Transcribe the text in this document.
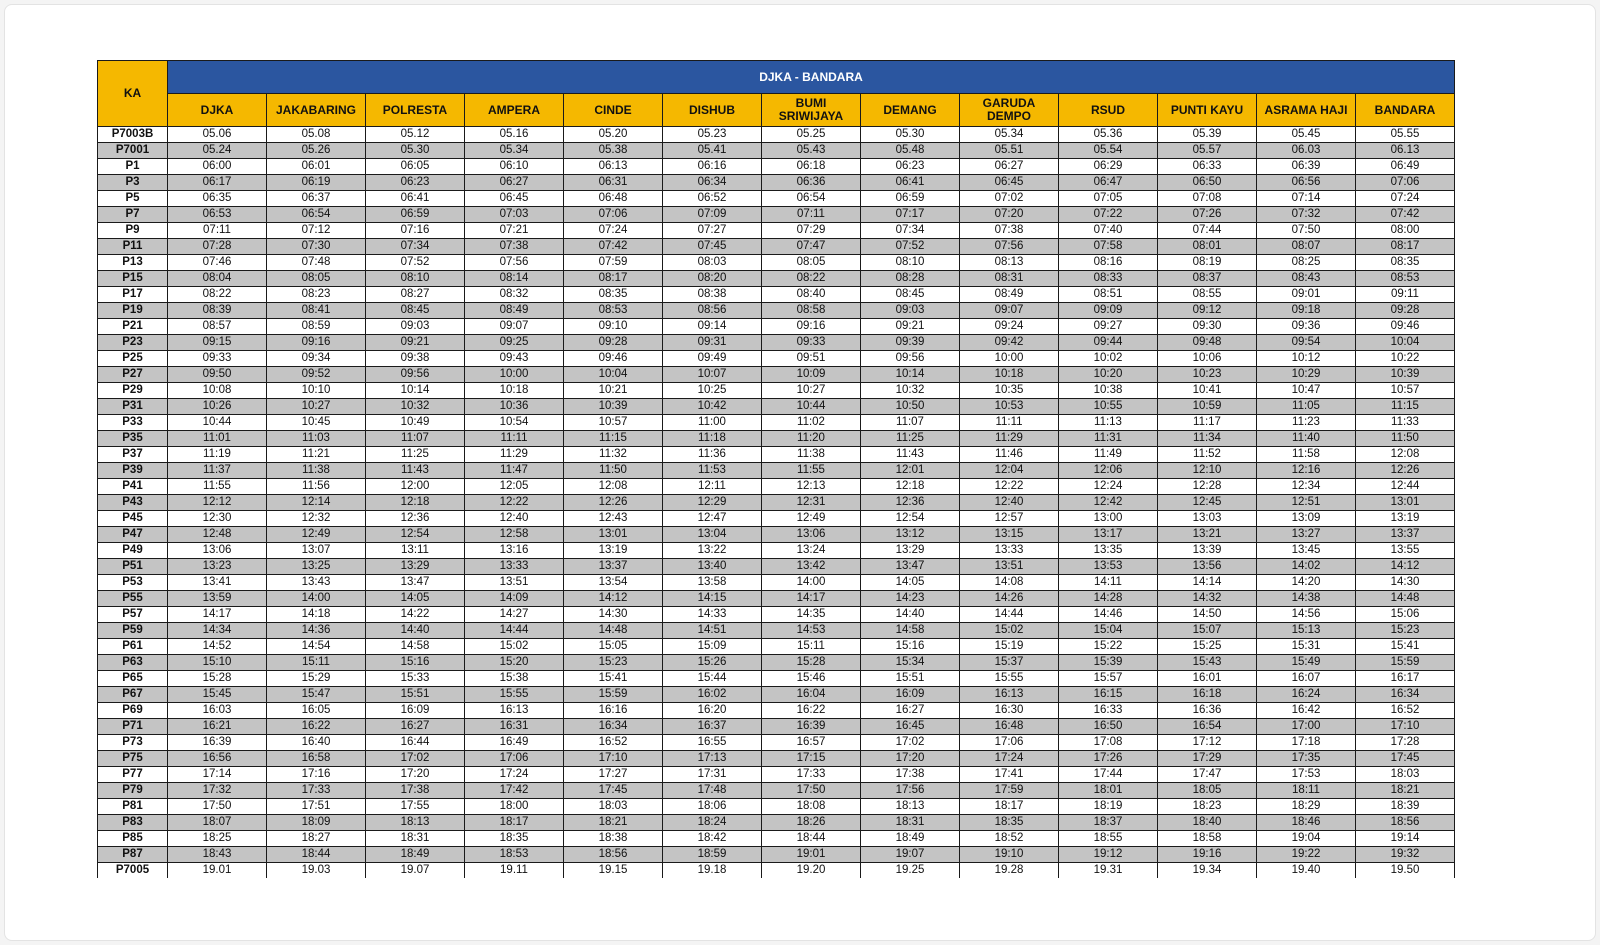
KA	DJKA - BANDARA												
	DJKA	JAKABARING	POLRESTA	AMPERA	CINDE	DISHUB	BUMI SRIWIJAYA	DEMANG	GARUDA DEMPO	RSUD	PUNTI KAYU	ASRAMA HAJI	BANDARA
P7003B	05.06	05.08	05.12	05.16	05.20	05.23	05.25	05.30	05.34	05.36	05.39	05.45	05.55
P7001	05.24	05.26	05.30	05.34	05.38	05.41	05.43	05.48	05.51	05.54	05.57	06.03	06.13
P1	06:00	06:01	06:05	06:10	06:13	06:16	06:18	06:23	06:27	06:29	06:33	06:39	06:49
P3	06:17	06:19	06:23	06:27	06:31	06:34	06:36	06:41	06:45	06:47	06:50	06:56	07:06
P5	06:35	06:37	06:41	06:45	06:48	06:52	06:54	06:59	07:02	07:05	07:08	07:14	07:24
P7	06:53	06:54	06:59	07:03	07:06	07:09	07:11	07:17	07:20	07:22	07:26	07:32	07:42
P9	07:11	07:12	07:16	07:21	07:24	07:27	07:29	07:34	07:38	07:40	07:44	07:50	08:00
P11	07:28	07:30	07:34	07:38	07:42	07:45	07:47	07:52	07:56	07:58	08:01	08:07	08:17
P13	07:46	07:48	07:52	07:56	07:59	08:03	08:05	08:10	08:13	08:16	08:19	08:25	08:35
P15	08:04	08:05	08:10	08:14	08:17	08:20	08:22	08:28	08:31	08:33	08:37	08:43	08:53
P17	08:22	08:23	08:27	08:32	08:35	08:38	08:40	08:45	08:49	08:51	08:55	09:01	09:11
P19	08:39	08:41	08:45	08:49	08:53	08:56	08:58	09:03	09:07	09:09	09:12	09:18	09:28
P21	08:57	08:59	09:03	09:07	09:10	09:14	09:16	09:21	09:24	09:27	09:30	09:36	09:46
P23	09:15	09:16	09:21	09:25	09:28	09:31	09:33	09:39	09:42	09:44	09:48	09:54	10:04
P25	09:33	09:34	09:38	09:43	09:46	09:49	09:51	09:56	10:00	10:02	10:06	10:12	10:22
P27	09:50	09:52	09:56	10:00	10:04	10:07	10:09	10:14	10:18	10:20	10:23	10:29	10:39
P29	10:08	10:10	10:14	10:18	10:21	10:25	10:27	10:32	10:35	10:38	10:41	10:47	10:57
P31	10:26	10:27	10:32	10:36	10:39	10:42	10:44	10:50	10:53	10:55	10:59	11:05	11:15
P33	10:44	10:45	10:49	10:54	10:57	11:00	11:02	11:07	11:11	11:13	11:17	11:23	11:33
P35	11:01	11:03	11:07	11:11	11:15	11:18	11:20	11:25	11:29	11:31	11:34	11:40	11:50
P37	11:19	11:21	11:25	11:29	11:32	11:36	11:38	11:43	11:46	11:49	11:52	11:58	12:08
P39	11:37	11:38	11:43	11:47	11:50	11:53	11:55	12:01	12:04	12:06	12:10	12:16	12:26
P41	11:55	11:56	12:00	12:05	12:08	12:11	12:13	12:18	12:22	12:24	12:28	12:34	12:44
P43	12:12	12:14	12:18	12:22	12:26	12:29	12:31	12:36	12:40	12:42	12:45	12:51	13:01
P45	12:30	12:32	12:36	12:40	12:43	12:47	12:49	12:54	12:57	13:00	13:03	13:09	13:19
P47	12:48	12:49	12:54	12:58	13:01	13:04	13:06	13:12	13:15	13:17	13:21	13:27	13:37
P49	13:06	13:07	13:11	13:16	13:19	13:22	13:24	13:29	13:33	13:35	13:39	13:45	13:55
P51	13:23	13:25	13:29	13:33	13:37	13:40	13:42	13:47	13:51	13:53	13:56	14:02	14:12
P53	13:41	13:43	13:47	13:51	13:54	13:58	14:00	14:05	14:08	14:11	14:14	14:20	14:30
P55	13:59	14:00	14:05	14:09	14:12	14:15	14:17	14:23	14:26	14:28	14:32	14:38	14:48
P57	14:17	14:18	14:22	14:27	14:30	14:33	14:35	14:40	14:44	14:46	14:50	14:56	15:06
P59	14:34	14:36	14:40	14:44	14:48	14:51	14:53	14:58	15:02	15:04	15:07	15:13	15:23
P61	14:52	14:54	14:58	15:02	15:05	15:09	15:11	15:16	15:19	15:22	15:25	15:31	15:41
P63	15:10	15:11	15:16	15:20	15:23	15:26	15:28	15:34	15:37	15:39	15:43	15:49	15:59
P65	15:28	15:29	15:33	15:38	15:41	15:44	15:46	15:51	15:55	15:57	16:01	16:07	16:17
P67	15:45	15:47	15:51	15:55	15:59	16:02	16:04	16:09	16:13	16:15	16:18	16:24	16:34
P69	16:03	16:05	16:09	16:13	16:16	16:20	16:22	16:27	16:30	16:33	16:36	16:42	16:52
P71	16:21	16:22	16:27	16:31	16:34	16:37	16:39	16:45	16:48	16:50	16:54	17:00	17:10
P73	16:39	16:40	16:44	16:49	16:52	16:55	16:57	17:02	17:06	17:08	17:12	17:18	17:28
P75	16:56	16:58	17:02	17:06	17:10	17:13	17:15	17:20	17:24	17:26	17:29	17:35	17:45
P77	17:14	17:16	17:20	17:24	17:27	17:31	17:33	17:38	17:41	17:44	17:47	17:53	18:03
P79	17:32	17:33	17:38	17:42	17:45	17:48	17:50	17:56	17:59	18:01	18:05	18:11	18:21
P81	17:50	17:51	17:55	18:00	18:03	18:06	18:08	18:13	18:17	18:19	18:23	18:29	18:39
P83	18:07	18:09	18:13	18:17	18:21	18:24	18:26	18:31	18:35	18:37	18:40	18:46	18:56
P85	18:25	18:27	18:31	18:35	18:38	18:42	18:44	18:49	18:52	18:55	18:58	19:04	19:14
P87	18:43	18:44	18:49	18:53	18:56	18:59	19:01	19:07	19:10	19:12	19:16	19:22	19:32
P7005	19.01	19.03	19.07	19.11	19.15	19.18	19.20	19.25	19.28	19.31	19.34	19.40	19.50
